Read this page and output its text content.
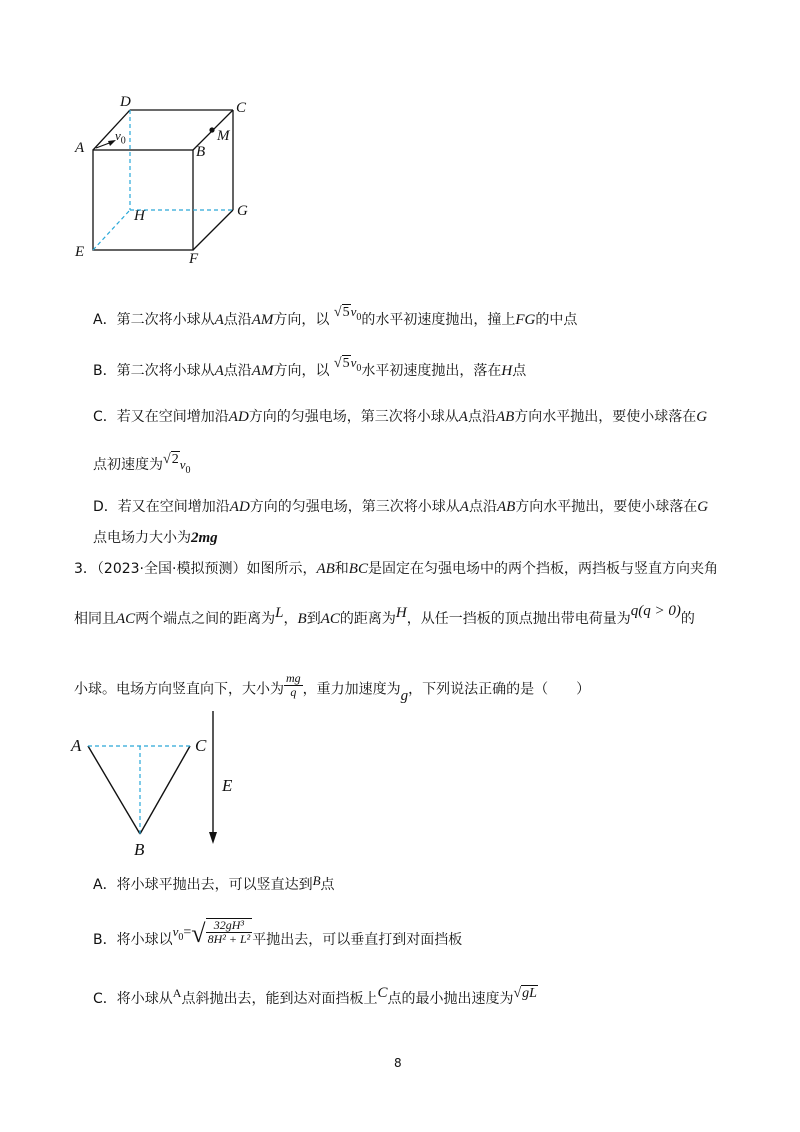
D	C
A	B
M
H	G
E	F
$v_0$
A．第二次将小球从A点沿AM方向，以 $√5v_0$的水平初速度抛出，撞上FG的中点
B．第二次将小球从A点沿AM方向，以 $√5v_0$水平初速度抛出，落在H点
C．若又在空间增加沿AD方向的匀强电场，第三次将小球从A点沿AB方向水平抛出，要使小球落在G
点初速度为$√2v_0$
D．若又在空间增加沿AD方向的匀强电场，第三次将小球从A点沿AB方向水平抛出，要使小球落在G
点电场力大小为2mg
3．（2023·全国·模拟预测）如图所示，AB和BC是固定在匀强电场中的两个挡板，两挡板与竖直方向夹角
相同且AC两个端点之间的距离为L，B到AC的距离为H，从任一挡板的顶点抛出带电荷量为q(q > 0)的
小球。电场方向竖直向下，大小为 $\frac{mg}{q}$ ，重力加速度为g，下列说法正确的是（　　）
A	C
B
E
A．将小球平抛出去，可以竖直达到B点
B．将小球以$v_0=√ \frac{\text{32gH³}}{\text{8H² + L²}}$ 平抛出去，可以垂直打到对面挡板
C．将小球从A点斜抛出去，能到达对面挡板上C点的最小抛出速度为√gL
8
